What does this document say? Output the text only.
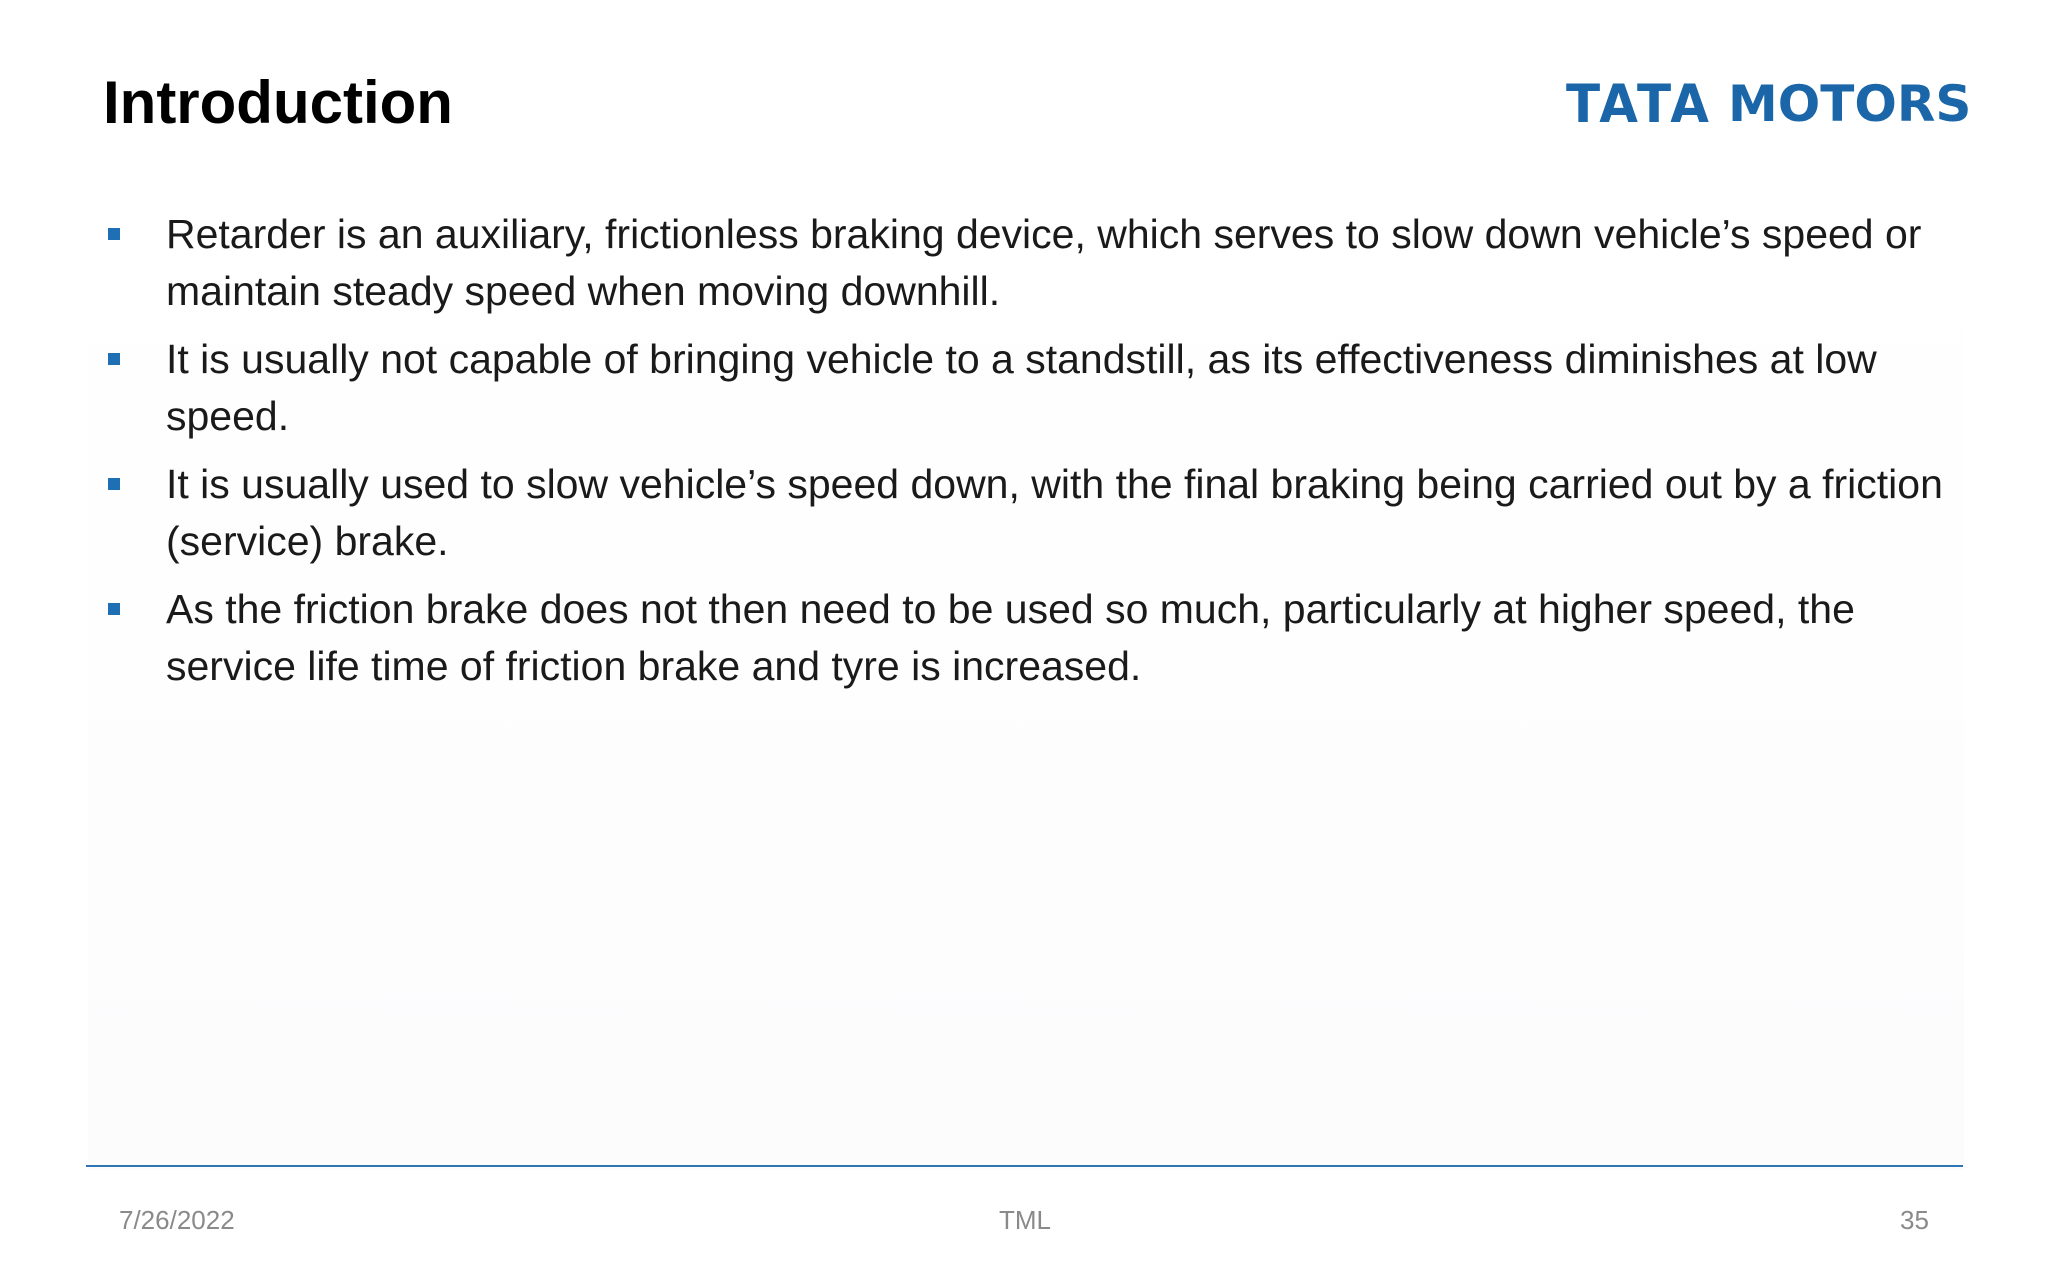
Introduction	TATA MOTORS
Retarder is an auxiliary, frictionless braking device, which serves to slow down vehicle’s speed or maintain steady speed when moving downhill.
It is usually not capable of bringing vehicle to a standstill, as its effectiveness diminishes at low speed.
It is usually used to slow vehicle’s speed down, with the final braking being carried out by a friction (service) brake.
As the friction brake does not then need to be used so much, particularly at higher speed, the service life time of friction brake and tyre is increased.
7/26/2022	TML	35
